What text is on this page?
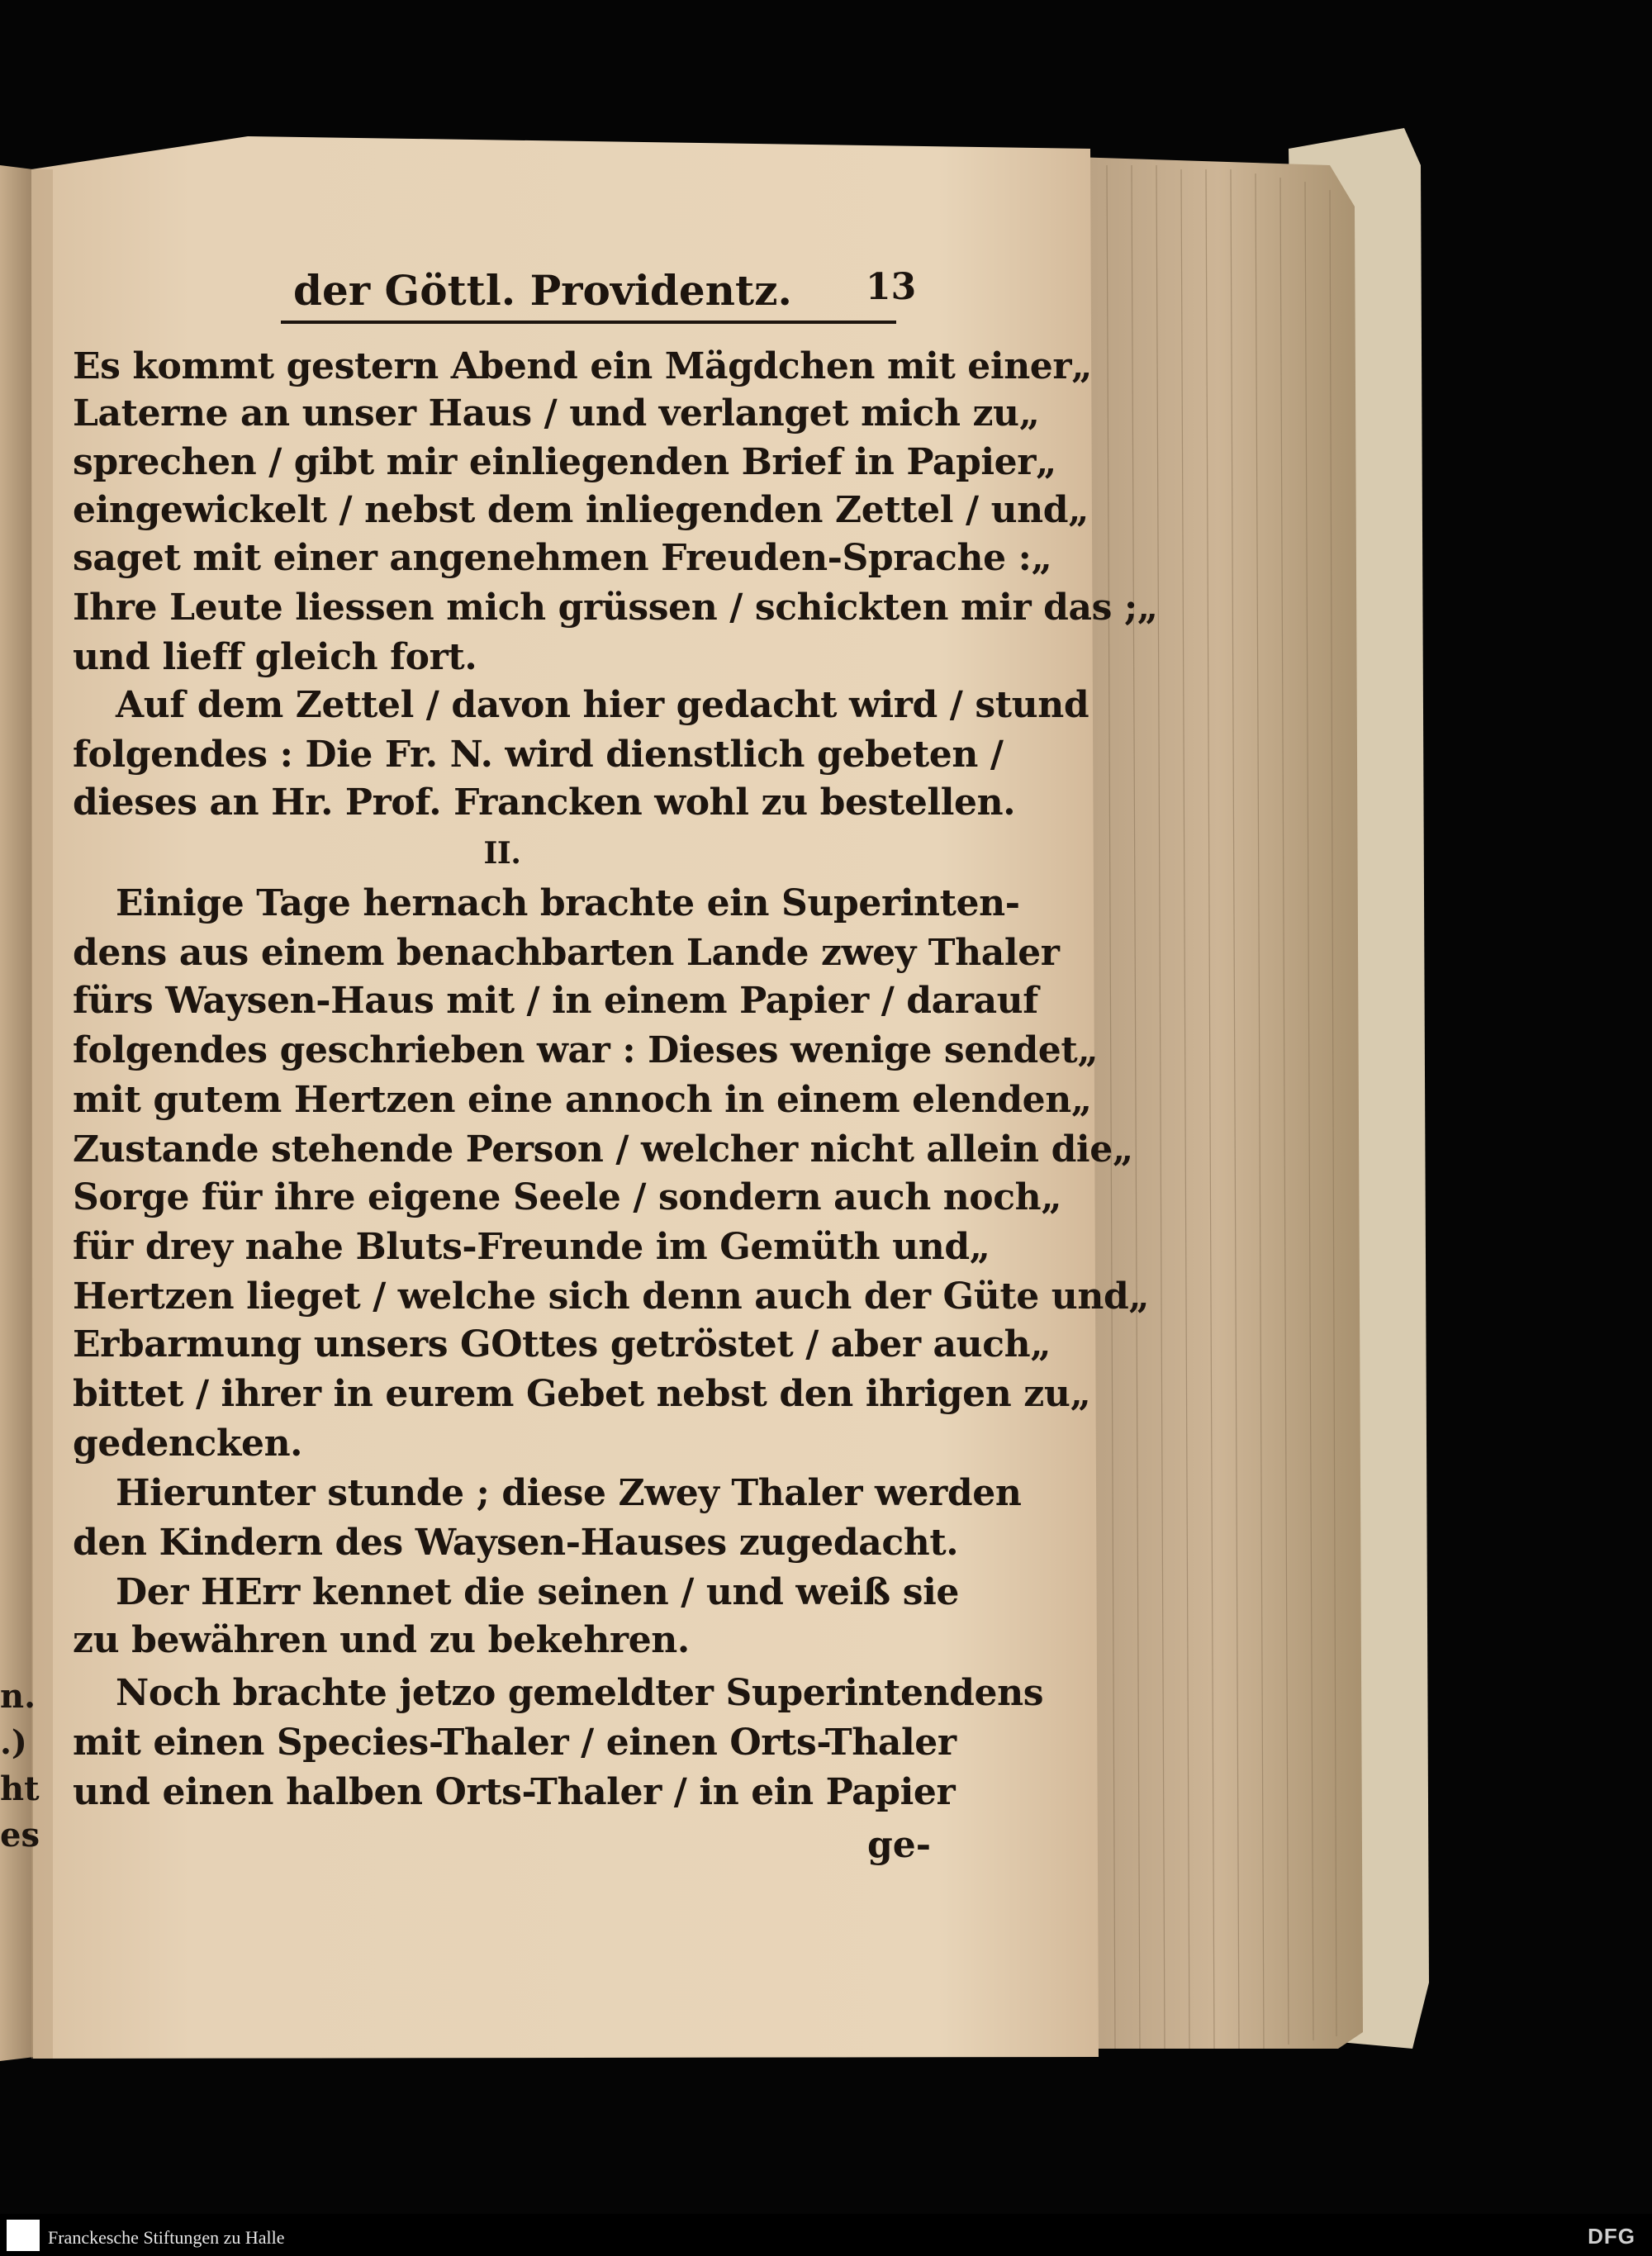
der Göttl. Providentz. 13
Es kommt gestern Abend ein Mägdchen mit einer„
Laterne an unser Haus / und verlanget mich zu„
sprechen / gibt mir einliegenden Brief in Papier„
eingewickelt / nebst dem inliegenden Zettel / und„
saget mit einer angenehmen Freuden-Sprache :„
Ihre Leute liessen mich grüssen / schickten mir das ;„
und lieff gleich fort.
Auf dem Zettel / davon hier gedacht wird / stund
folgendes : Die Fr. N. wird dienstlich gebeten /
dieses an Hr. Prof. Francken wohl zu bestellen.
II.
Einige Tage hernach brachte ein Superinten-
dens aus einem benachbarten Lande zwey Thaler
fürs Waysen-Haus mit / in einem Papier / darauf
folgendes geschrieben war : Dieses wenige sendet„
mit gutem Hertzen eine annoch in einem elenden„
Zustande stehende Person / welcher nicht allein die„
Sorge für ihre eigene Seele / sondern auch noch„
für drey nahe Bluts-Freunde im Gemüth und„
Hertzen lieget / welche sich denn auch der Güte und„
Erbarmung unsers GOttes getröstet / aber auch„
bittet / ihrer in eurem Gebet nebst den ihrigen zu„
gedencken.
Hierunter stunde ; diese Zwey Thaler werden
den Kindern des Waysen-Hauses zugedacht.
Der HErr kennet die seinen / und weiß sie
zu bewähren und zu bekehren.
Noch brachte jetzo gemeldter Superintendens
mit einen Species-Thaler / einen Orts-Thaler
und einen halben Orts-Thaler / in ein Papier
ge-
n.
.)
ht
es
Franckesche Stiftungen zu Halle	DFG
